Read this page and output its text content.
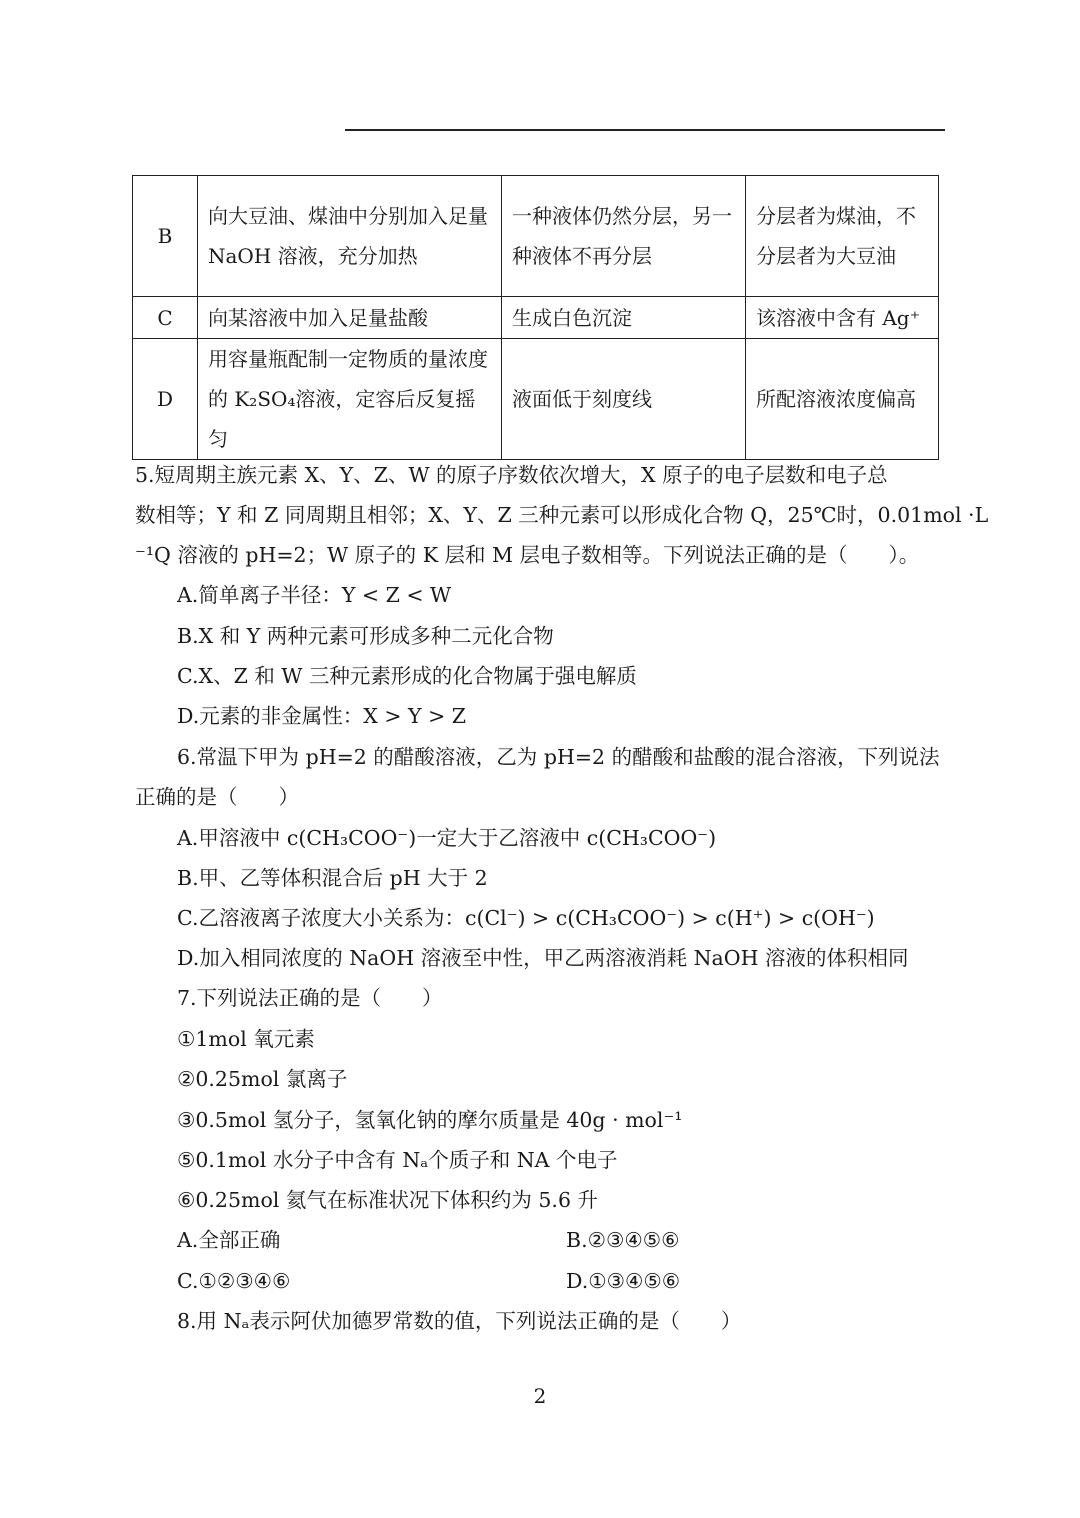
B	向大豆油、煤油中分别加入足量 NaOH 溶液，充分加热	一种液体仍然分层，另一种液体不再分层	分层者为煤油，不分层者为大豆油
C	向某溶液中加入足量盐酸	生成白色沉淀	该溶液中含有 Ag⁺
D	用容量瓶配制一定物质的量浓度的 K₂SO₄溶液，定容后反复摇匀	液面低于刻度线	所配溶液浓度偏高
5.短周期主族元素 X、Y、Z、W 的原子序数依次增大，X 原子的电子层数和电子总
数相等；Y 和 Z 同周期且相邻；X、Y、Z 三种元素可以形成化合物 Q，25℃时，0.01mol ·L
⁻¹Q 溶液的 pH=2；W 原子的 K 层和 M 层电子数相等。下列说法正确的是（　　）。
A.简单离子半径：Y < Z < W
B.X 和 Y 两种元素可形成多种二元化合物
C.X、Z 和 W 三种元素形成的化合物属于强电解质
D.元素的非金属性：X > Y > Z
6.常温下甲为 pH=2 的醋酸溶液，乙为 pH=2 的醋酸和盐酸的混合溶液，下列说法
正确的是（　　）
A.甲溶液中 c(CH₃COO⁻)一定大于乙溶液中 c(CH₃COO⁻)
B.甲、乙等体积混合后 pH 大于 2
C.乙溶液离子浓度大小关系为：c(Cl⁻) > c(CH₃COO⁻) > c(H⁺) > c(OH⁻)
D.加入相同浓度的 NaOH 溶液至中性，甲乙两溶液消耗 NaOH 溶液的体积相同
7.下列说法正确的是（　　）
①1mol 氧元素
②0.25mol 氯离子
③0.5mol 氢分子，氢氧化钠的摩尔质量是 40g · mol⁻¹
⑤0.1mol 水分子中含有 Nₐ个质子和 NA 个电子
⑥0.25mol 氦气在标准状况下体积约为 5.6 升
A.全部正确	B.②③④⑤⑥
C.①②③④⑥	D.①③④⑤⑥
8.用 Nₐ表示阿伏加德罗常数的值，下列说法正确的是（　　）
2
